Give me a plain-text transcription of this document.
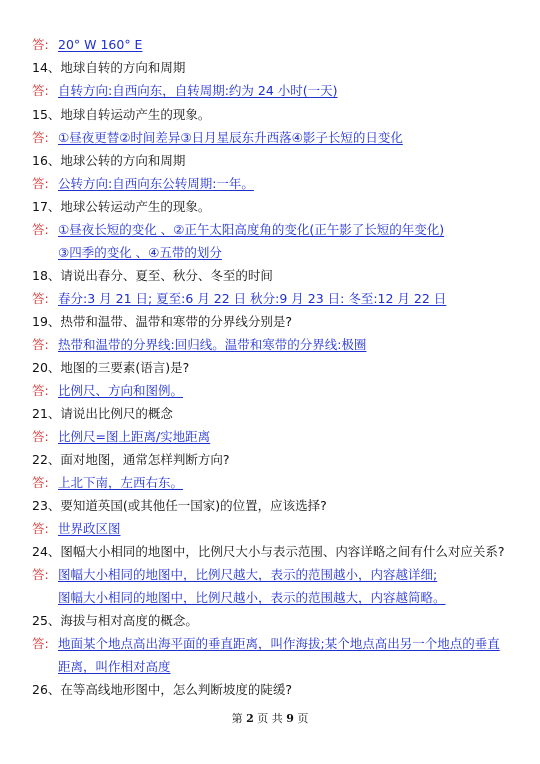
答: 20° W 160° E
14、地球自转的方向和周期
答: 自转方向:自西向东，自转周期:约为 24 小时(一天)
15、地球自转运动产生的现象。
答: ①昼夜更替②时间差异③日月星辰东升西落④影子长短的日变化
16、地球公转的方向和周期
答: 公转方向:自西向东公转周期:一年。
17、地球公转运动产生的现象。
答: ①昼夜长短的变化 、②正午太阳高度角的变化(正午影了长短的年变化)
③四季的变化 、④五带的划分
18、请说出春分、夏至、秋分、冬至的时间
答: 春分:3 月 21 日; 夏至:6 月 22 日 秋分:9 月 23 日: 冬至:12 月 22 日
19、热带和温带、温带和寒带的分界线分别是?
答: 热带和温带的分界线:回归线。温带和寒带的分界线:极圈
20、地图的三要素(语言)是?
答: 比例尺、方向和图例。
21、请说出比例尺的概念
答: 比例尺=图上距离/实地距离
22、面对地图，通常怎样判断方向?
答: 上北下南，左西右东。
23、要知道英国(或其他任一国家)的位置，应该选择?
答: 世界政区图
24、图幅大小相同的地图中，比例尺大小与表示范围、内容详略之间有什么对应关系?
答: 图幅大小相同的地图中，比例尺越大，表示的范围越小，内容越详细;
图幅大小相同的地图中，比例尺越小，表示的范围越大，内容越简略。
25、海拔与相对高度的概念。
答: 地面某个地点高出海平面的垂直距离，叫作海拔;某个地点高出另一个地点的垂直
距离，叫作相对高度
26、在等高线地形图中，怎么判断坡度的陡缓?
第 2 页 共 9 页
